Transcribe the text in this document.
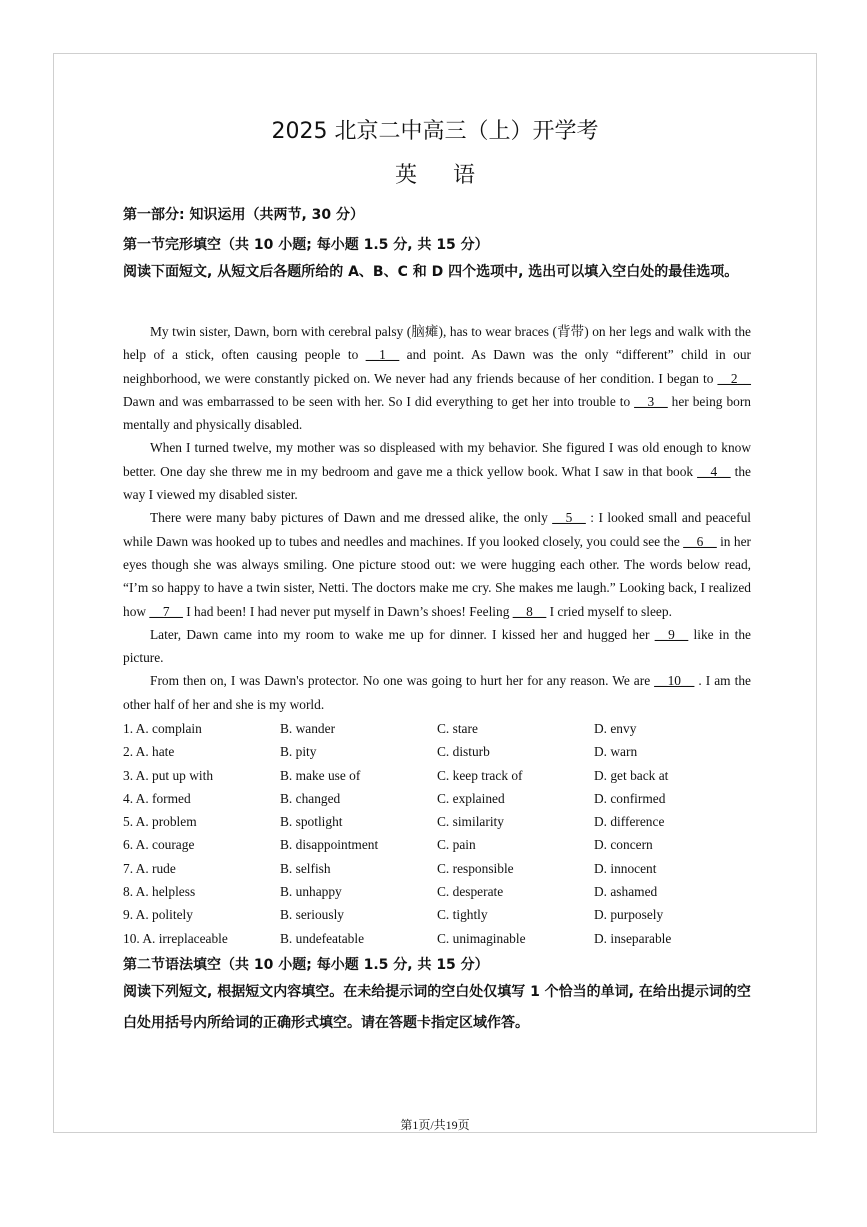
2025 北京二中高三（上）开学考
英语
第一部分: 知识运用（共两节, 30 分）
第一节完形填空（共 10 小题; 每小题 1.5 分, 共 15 分）
阅读下面短文, 从短文后各题所给的 A、B、C 和 D 四个选项中, 选出可以填入空白处的最佳选项。

My twin sister, Dawn, born with cerebral palsy (脑瘫), has to wear braces (背带) on her legs and walk with the help of a stick, often causing people to __1__ and point. As Dawn was the only “different” child in our neighborhood, we were constantly picked on. We never had any friends because of her condition. I began to __2__ Dawn and was embarrassed to be seen with her. So I did everything to get her into trouble to __3__ her being born mentally and physically disabled.

When I turned twelve, my mother was so displeased with my behavior. She figured I was old enough to know better. One day she threw me in my bedroom and gave me a thick yellow book. What I saw in that book __4__ the way I viewed my disabled sister.

There were many baby pictures of Dawn and me dressed alike, the only __5__ : I looked small and peaceful while Dawn was hooked up to tubes and needles and machines. If you looked closely, you could see the __6__ in her eyes though she was always smiling. One picture stood out: we were hugging each other. The words below read, “I’m so happy to have a twin sister, Netti. The doctors make me cry. She makes me laugh.” Looking back, I realized how __7__ I had been! I had never put myself in Dawn’s shoes! Feeling __8__ I cried myself to sleep.

Later, Dawn came into my room to wake me up for dinner. I kissed her and hugged her __9__ like in the picture.

From then on, I was Dawn's protector. No one was going to hurt her for any reason. We are __10__ . I am the other half of her and she is my world.

1. A. complain	B. wander	C. stare	D. envy
2. A. hate	B. pity	C. disturb	D. warn
3. A. put up with	B. make use of	C. keep track of	D. get back at
4. A. formed	B. changed	C. explained	D. confirmed
5. A. problem	B. spotlight	C. similarity	D. difference
6. A. courage	B. disappointment	C. pain	D. concern
7. A. rude	B. selfish	C. responsible	D. innocent
8. A. helpless	B. unhappy	C. desperate	D. ashamed
9. A. politely	B. seriously	C. tightly	D. purposely
10. A. irreplaceable	B. undefeatable	C. unimaginable	D. inseparable
第二节语法填空（共 10 小题; 每小题 1.5 分, 共 15 分）
阅读下列短文, 根据短文内容填空。在未给提示词的空白处仅填写 1 个恰当的单词, 在给出提示词的空白处用括号内所给词的正确形式填空。请在答题卡指定区域作答。
第1页/共19页
